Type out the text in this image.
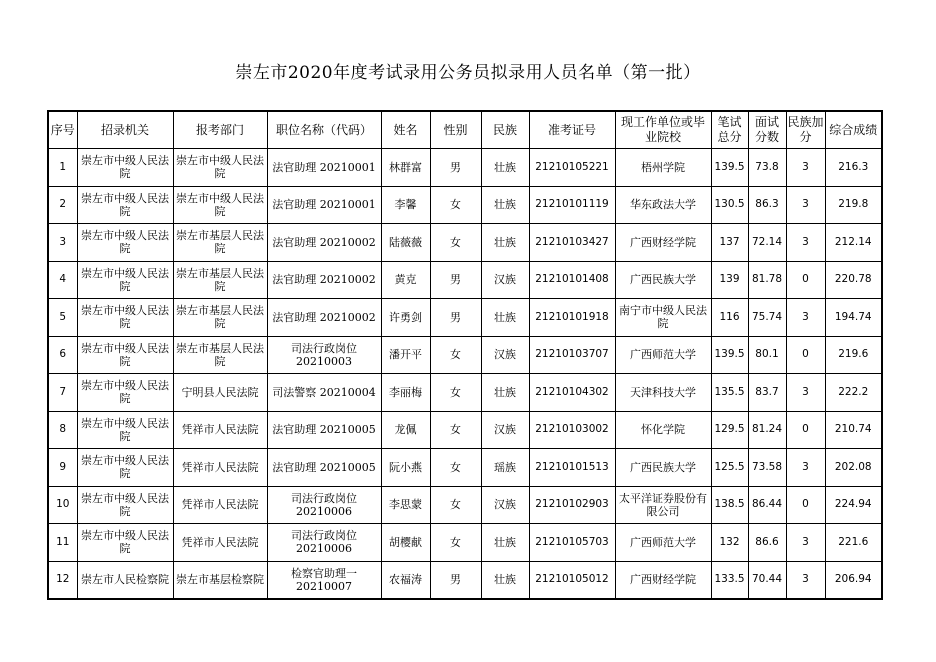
崇左市2020年度考试录用公务员拟录用人员名单（第一批）
序号	招录机关	报考部门	职位名称（代码）	姓名	性别	民族	准考证号	现工作单位或毕业院校	笔试总分	面试分数	民族加分	综合成绩
1	崇左市中级人民法院	崇左市中级人民法院	法官助理 20210001	林群富	男	壮族	21210105221	梧州学院	139.5	73.8	3	216.3
2	崇左市中级人民法院	崇左市中级人民法院	法官助理 20210001	李馨	女	壮族	21210101119	华东政法大学	130.5	86.3	3	219.8
3	崇左市中级人民法院	崇左市基层人民法院	法官助理 20210002	陆薇薇	女	壮族	21210103427	广西财经学院	137	72.14	3	212.14
4	崇左市中级人民法院	崇左市基层人民法院	法官助理 20210002	黄克	男	汉族	21210101408	广西民族大学	139	81.78	0	220.78
5	崇左市中级人民法院	崇左市基层人民法院	法官助理 20210002	许勇剑	男	壮族	21210101918	南宁市中级人民法院	116	75.74	3	194.74
6	崇左市中级人民法院	崇左市基层人民法院	司法行政岗位 20210003	潘开平	女	汉族	21210103707	广西师范大学	139.5	80.1	0	219.6
7	崇左市中级人民法院	宁明县人民法院	司法警察 20210004	李丽梅	女	壮族	21210104302	天津科技大学	135.5	83.7	3	222.2
8	崇左市中级人民法院	凭祥市人民法院	法官助理 20210005	龙佩	女	汉族	21210103002	怀化学院	129.5	81.24	0	210.74
9	崇左市中级人民法院	凭祥市人民法院	法官助理 20210005	阮小燕	女	瑶族	21210101513	广西民族大学	125.5	73.58	3	202.08
10	崇左市中级人民法院	凭祥市人民法院	司法行政岗位 20210006	李思蒙	女	汉族	21210102903	太平洋证券股份有限公司	138.5	86.44	0	224.94
11	崇左市中级人民法院	凭祥市人民法院	司法行政岗位 20210006	胡樱献	女	壮族	21210105703	广西师范大学	132	86.6	3	221.6
12	崇左市人民检察院	崇左市基层检察院	检察官助理一 20210007	农福涛	男	壮族	21210105012	广西财经学院	133.5	70.44	3	206.94
